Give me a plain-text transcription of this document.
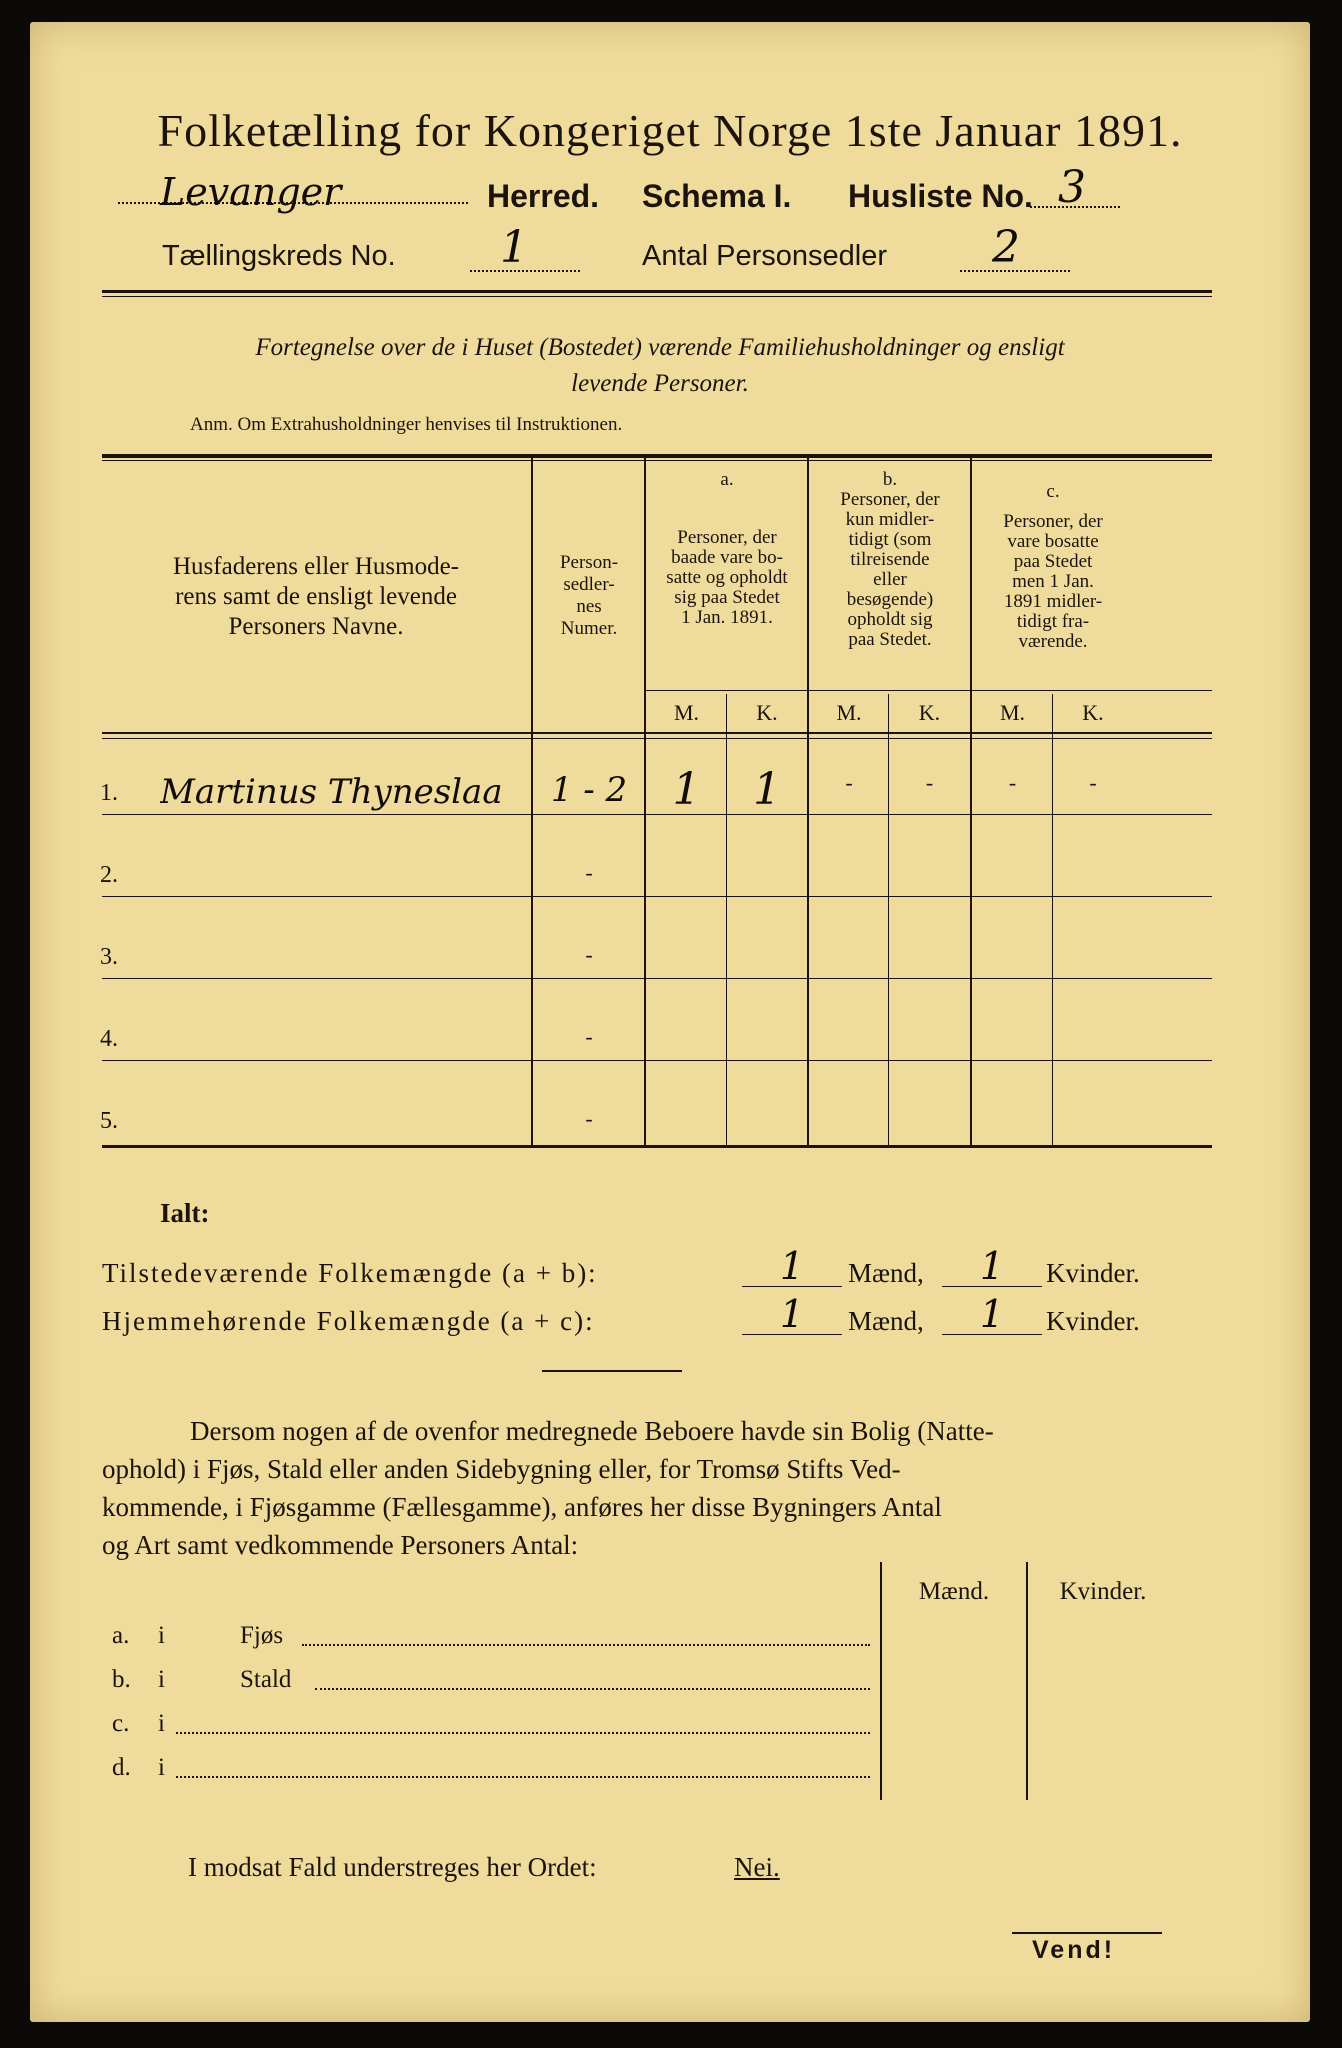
Folketælling for Kongeriget Norge 1ste Januar 1891.
Levanger	Herred. Schema I. Husliste No. 3
Tællingskreds No. 1	Antal Personsedler 2
Fortegnelse over de i Huset (Bostedet) værende Familiehusholdninger og ensligt
levende Personer.
Anm. Om Extrahusholdninger henvises til Instruktionen.
Husfaderens eller Husmode-
rens samt de ensligt levende
Personers Navne.
Person-
sedler-
nes
Numer.
a.
Personer, der
baade vare bo-
satte og opholdt
sig paa Stedet
1 Jan. 1891.
b.
Personer, der
kun midler-
tidigt (som
tilreisende
eller
besøgende)
opholdt sig
paa Stedet.
c.
Personer, der
vare bosatte
paa Stedet
men 1 Jan.
1891 midler-
tidigt fra-
værende.
M.	K.	M.	K.	M.	K.
1. Martinus Thyneslaa	1 - 2	1	1	-	-	-	-
2.	-
3.	-
4.	-
5.	-
Ialt:
Tilstedeværende Folkemængde (a + b):	1	Mænd,	1	Kvinder.
Hjemmehørende Folkemængde (a + c):	1	Mænd,	1	Kvinder.
Dersom nogen af de ovenfor medregnede Beboere havde sin Bolig (Natte-
ophold) i Fjøs, Stald eller anden Sidebygning eller, for Tromsø Stifts Ved-
kommende, i Fjøsgamme (Fællesgamme), anføres her disse Bygningers Antal
og Art samt vedkommende Personers Antal:
Mænd.	Kvinder.
a. i	Fjøs
b. i	Stald
c. i
d. i
I modsat Fald understreges her Ordet:	Nei.
Vend!
